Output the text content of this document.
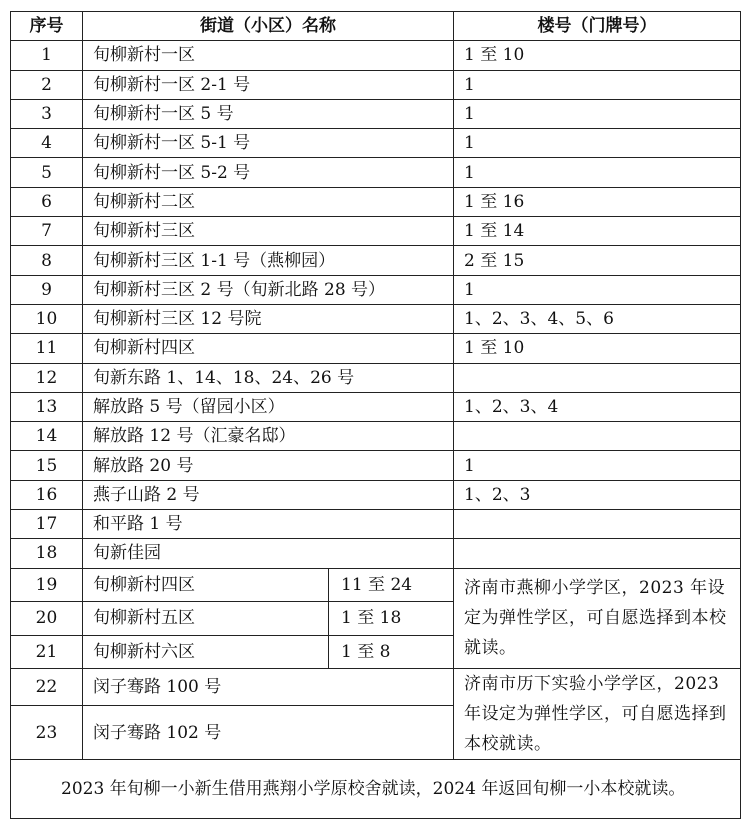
序号	街道（小区）名称		楼号（门牌号）
1	旬柳新村一区		1 至 10
2	旬柳新村一区 2-1 号		1
3	旬柳新村一区 5 号		1
4	旬柳新村一区 5-1 号		1
5	旬柳新村一区 5-2 号		1
6	旬柳新村二区		1 至 16
7	旬柳新村三区		1 至 14
8	旬柳新村三区 1-1 号（燕柳园）		2 至 15
9	旬柳新村三区 2 号（旬新北路 28 号）		1
10	旬柳新村三区 12 号院		1、2、3、4、5、6
11	旬柳新村四区		1 至 10
12	旬新东路 1、14、18、24、26 号		
13	解放路 5 号（留园小区）		1、2、3、4
14	解放路 12 号（汇豪名邸）		
15	解放路 20 号		1
16	燕子山路 2 号		1、2、3
17	和平路 1 号		
18	旬新佳园		
19	旬柳新村四区	11 至 24	济南市燕柳小学学区，2023 年设定为弹性学区，可自愿选择到本校就读。
20	旬柳新村五区	1 至 18	
21	旬柳新村六区	1 至 8	
22	闵子骞路 100 号		济南市历下实验小学学区，2023 年设定为弹性学区，可自愿选择到本校就读。
23	闵子骞路 102 号		
2023 年旬柳一小新生借用燕翔小学原校舍就读，2024 年返回旬柳一小本校就读。			
